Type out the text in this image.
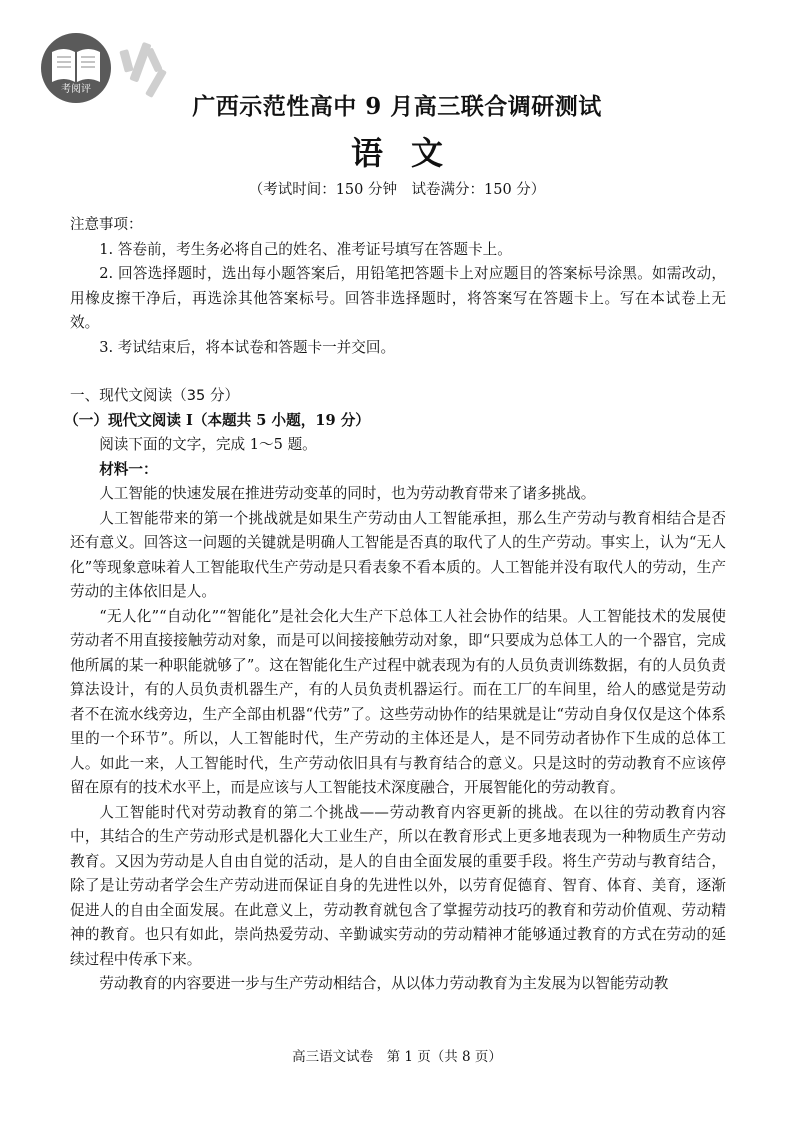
考阅评
广西示范性高中 9 月高三联合调研测试
语文
（考试时间：150 分钟　试卷满分：150 分）

注意事项：

1. 答卷前，考生务必将自己的姓名、准考证号填写在答题卡上。

2. 回答选择题时，选出每小题答案后，用铅笔把答题卡上对应题目的答案标号涂黑。如需改动，用橡皮擦干净后，再选涂其他答案标号。回答非选择题时，将答案写在答题卡上。写在本试卷上无效。

3. 考试结束后，将本试卷和答题卡一并交回。

一、现代文阅读（35 分）

（一）现代文阅读 I（本题共 5 小题，19 分）

阅读下面的文字，完成 1～5 题。

材料一：

人工智能的快速发展在推进劳动变革的同时，也为劳动教育带来了诸多挑战。

人工智能带来的第一个挑战就是如果生产劳动由人工智能承担，那么生产劳动与教育相结合是否还有意义。回答这一问题的关键就是明确人工智能是否真的取代了人的生产劳动。事实上，认为“无人化”等现象意味着人工智能取代生产劳动是只看表象不看本质的。人工智能并没有取代人的劳动，生产劳动的主体依旧是人。

“无人化”“自动化”“智能化”是社会化大生产下总体工人社会协作的结果。人工智能技术的发展使劳动者不用直接接触劳动对象，而是可以间接接触劳动对象，即“只要成为总体工人的一个器官，完成他所属的某一种职能就够了”。这在智能化生产过程中就表现为有的人员负责训练数据，有的人员负责算法设计，有的人员负责机器生产，有的人员负责机器运行。而在工厂的车间里，给人的感觉是劳动者不在流水线旁边，生产全部由机器“代劳”了。这些劳动协作的结果就是让“劳动自身仅仅是这个体系里的一个环节”。所以，人工智能时代，生产劳动的主体还是人，是不同劳动者协作下生成的总体工人。如此一来，人工智能时代，生产劳动依旧具有与教育结合的意义。只是这时的劳动教育不应该停留在原有的技术水平上，而是应该与人工智能技术深度融合，开展智能化的劳动教育。

人工智能时代对劳动教育的第二个挑战——劳动教育内容更新的挑战。在以往的劳动教育内容中，其结合的生产劳动形式是机器化大工业生产，所以在教育形式上更多地表现为一种物质生产劳动教育。又因为劳动是人自由自觉的活动，是人的自由全面发展的重要手段。将生产劳动与教育结合，除了是让劳动者学会生产劳动进而保证自身的先进性以外，以劳育促德育、智育、体育、美育，逐渐促进人的自由全面发展。在此意义上，劳动教育就包含了掌握劳动技巧的教育和劳动价值观、劳动精神的教育。也只有如此，崇尚热爱劳动、辛勤诚实劳动的劳动精神才能够通过教育的方式在劳动的延续过程中传承下来。

劳动教育的内容要进一步与生产劳动相结合，从以体力劳动教育为主发展为以智能劳动教

高三语文试卷　第 1 页（共 8 页）
